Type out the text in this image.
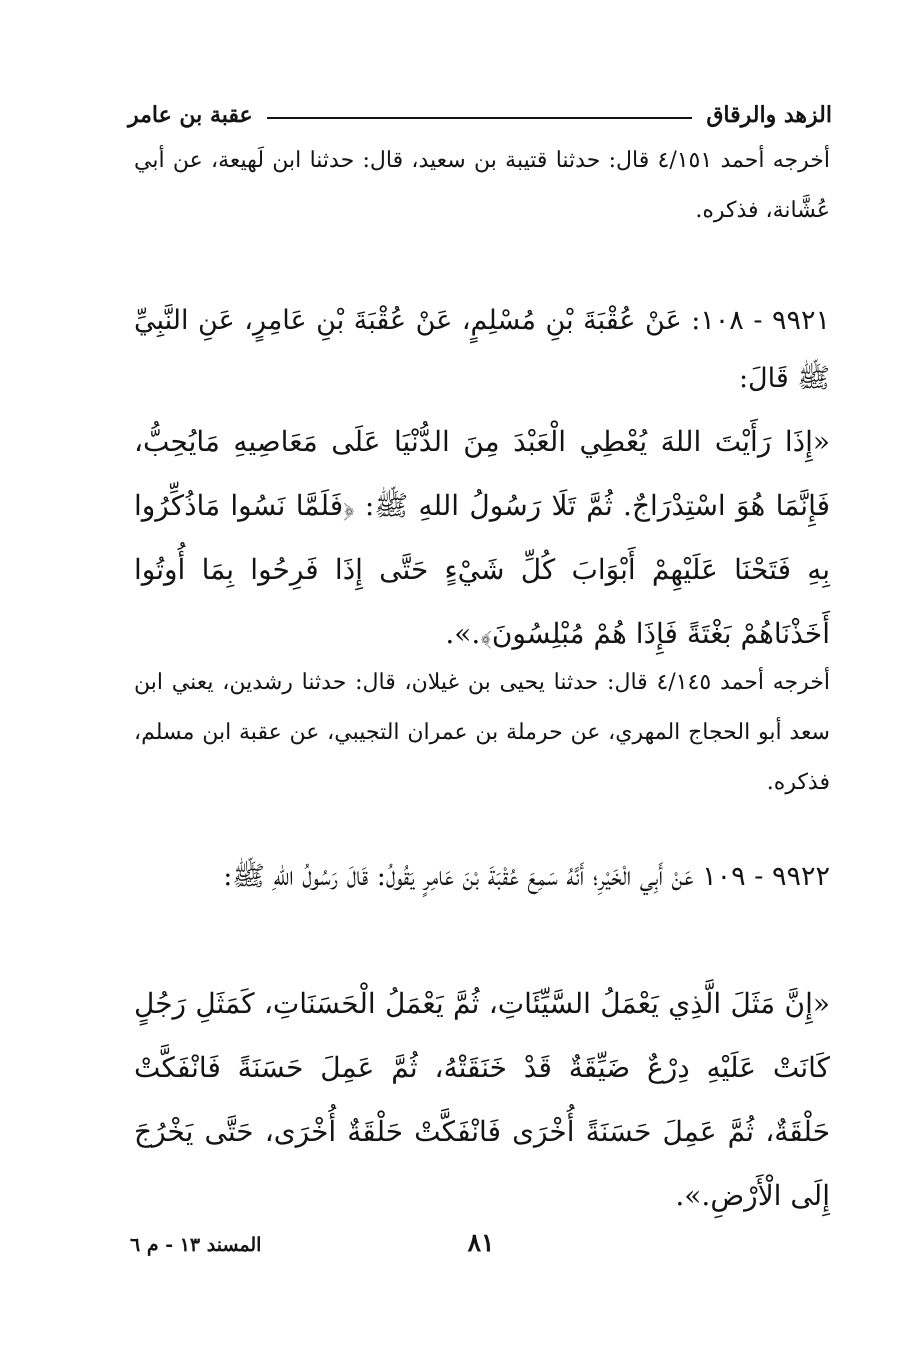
الزهد والرقاق
عقبة بن عامر

أخرجه أحمد ٤/١٥١ قال: حدثنا قتيبة بن سعيد، قال: حدثنا ابن لَهيعة، عن أبي عُشَّانة، فذكره.

٩٩٢١ - ١٠٨: عَنْ عُقْبَةَ بْنِ مُسْلِمٍ، عَنْ عُقْبَةَ بْنِ عَامِرٍ، عَنِ النَّبِيِّ ﷺ قَالَ:

«إِذَا رَأَيْتَ اللهَ يُعْطِي الْعَبْدَ مِنَ الدُّنْيَا عَلَى مَعَاصِيهِ مَايُحِبُّ، فَإِنَّمَا هُوَ اسْتِدْرَاجٌ. ثُمَّ تَلَا رَسُولُ اللهِ ﷺ: ﴿فَلَمَّا نَسُوا مَاذُكِّرُوا بِهِ فَتَحْنَا عَلَيْهِمْ أَبْوَابَ كُلِّ شَيْءٍ حَتَّى إِذَا فَرِحُوا بِمَا أُوتُوا أَخَذْنَاهُمْ بَغْتَةً فَإِذَا هُمْ مُبْلِسُونَ﴾.».

أخرجه أحمد ٤/١٤٥ قال: حدثنا يحيى بن غيلان، قال: حدثنا رشدين، يعني ابن سعد أبو الحجاج المهري، عن حرملة بن عمران التجيبي، عن عقبة ابن مسلم، فذكره.

٩٩٢٢ - ١٠٩ عَنْ أَبِي الْخَيْرِ؛ أَنَّهُ سَمِعَ عُقْبَةَ بْنَ عَامِرٍ يَقُولُ: قَالَ رَسُولُ اللهِ ﷺ:

«إِنَّ مَثَلَ الَّذِي يَعْمَلُ السَّيِّئَاتِ، ثُمَّ يَعْمَلُ الْحَسَنَاتِ، كَمَثَلِ رَجُلٍ كَانَتْ عَلَيْهِ دِرْعٌ ضَيِّقَةٌ قَدْ خَنَقَتْهُ، ثُمَّ عَمِلَ حَسَنَةً فَانْفَكَّتْ حَلْقَةٌ، ثُمَّ عَمِلَ حَسَنَةً أُخْرَى فَانْفَكَّتْ حَلْقَةٌ أُخْرَى، حَتَّى يَخْرُجَ إِلَى الْأَرْضِ.».

٨١
المسند ١٣ - م ٦
